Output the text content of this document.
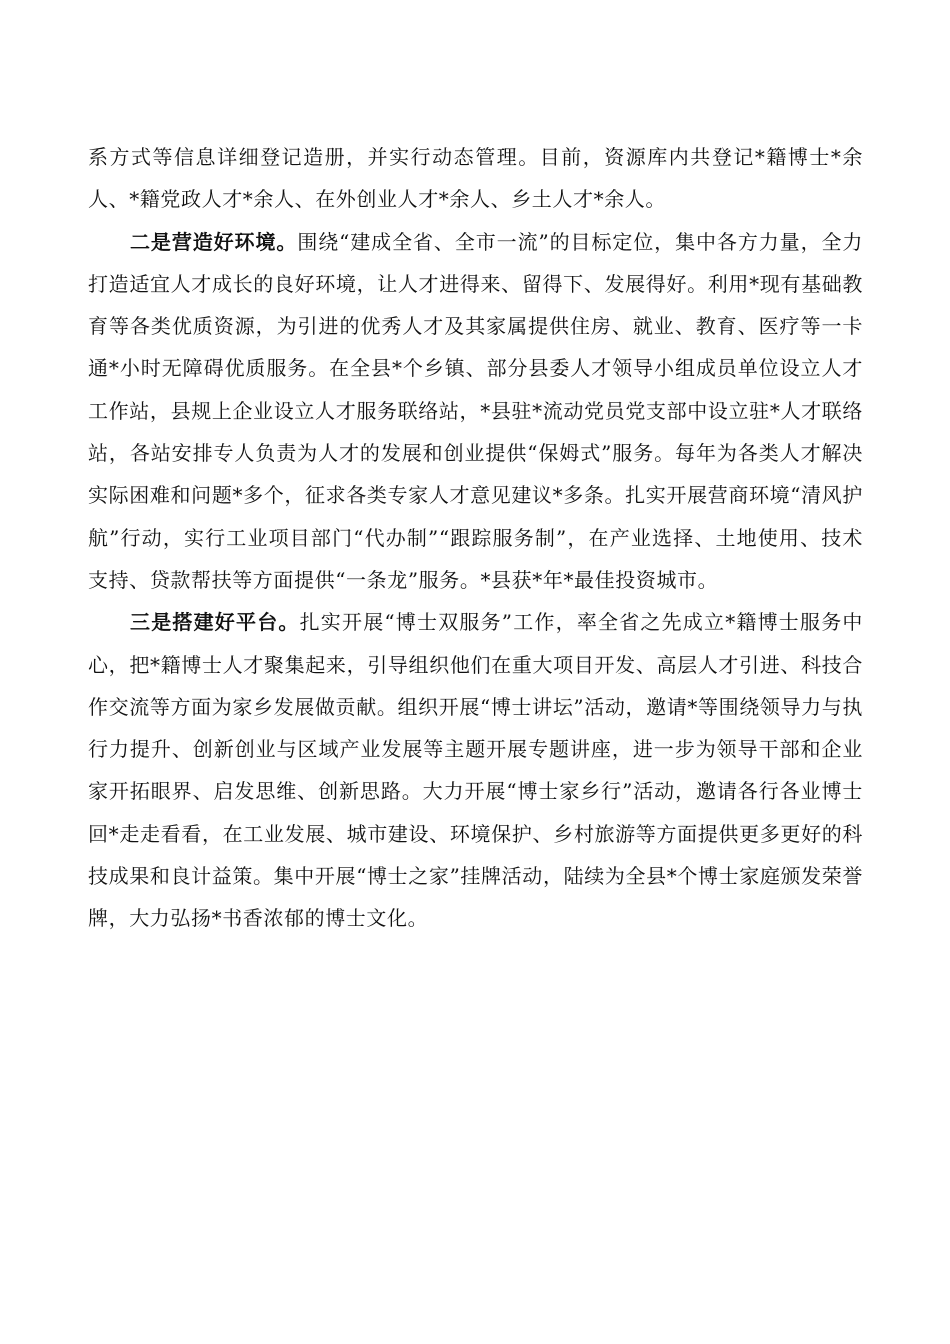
系方式等信息详细登记造册，并实行动态管理。目前，资源库内共登记*籍博士*余人、*籍党政人才*余人、在外创业人才*余人、乡土人才*余人。

二是营造好环境。围绕“建成全省、全市一流”的目标定位，集中各方力量，全力打造适宜人才成长的良好环境，让人才进得来、留得下、发展得好。利用*现有基础教育等各类优质资源，为引进的优秀人才及其家属提供住房、就业、教育、医疗等一卡通*小时无障碍优质服务。在全县*个乡镇、部分县委人才领导小组成员单位设立人才工作站，县规上企业设立人才服务联络站，*县驻*流动党员党支部中设立驻*人才联络站，各站安排专人负责为人才的发展和创业提供“保姆式”服务。每年为各类人才解决实际困难和问题*多个，征求各类专家人才意见建议*多条。扎实开展营商环境“清风护航”行动，实行工业项目部门“代办制”“跟踪服务制”，在产业选择、土地使用、技术支持、贷款帮扶等方面提供“一条龙”服务。*县获*年*最佳投资城市。

三是搭建好平台。扎实开展“博士双服务”工作，率全省之先成立*籍博士服务中心，把*籍博士人才聚集起来，引导组织他们在重大项目开发、高层人才引进、科技合作交流等方面为家乡发展做贡献。组织开展“博士讲坛”活动，邀请*等围绕领导力与执行力提升、创新创业与区域产业发展等主题开展专题讲座，进一步为领导干部和企业家开拓眼界、启发思维、创新思路。大力开展“博士家乡行”活动，邀请各行各业博士回*走走看看，在工业发展、城市建设、环境保护、乡村旅游等方面提供更多更好的科技成果和良计益策。集中开展“博士之家”挂牌活动，陆续为全县*个博士家庭颁发荣誉牌，大力弘扬*书香浓郁的博士文化。
